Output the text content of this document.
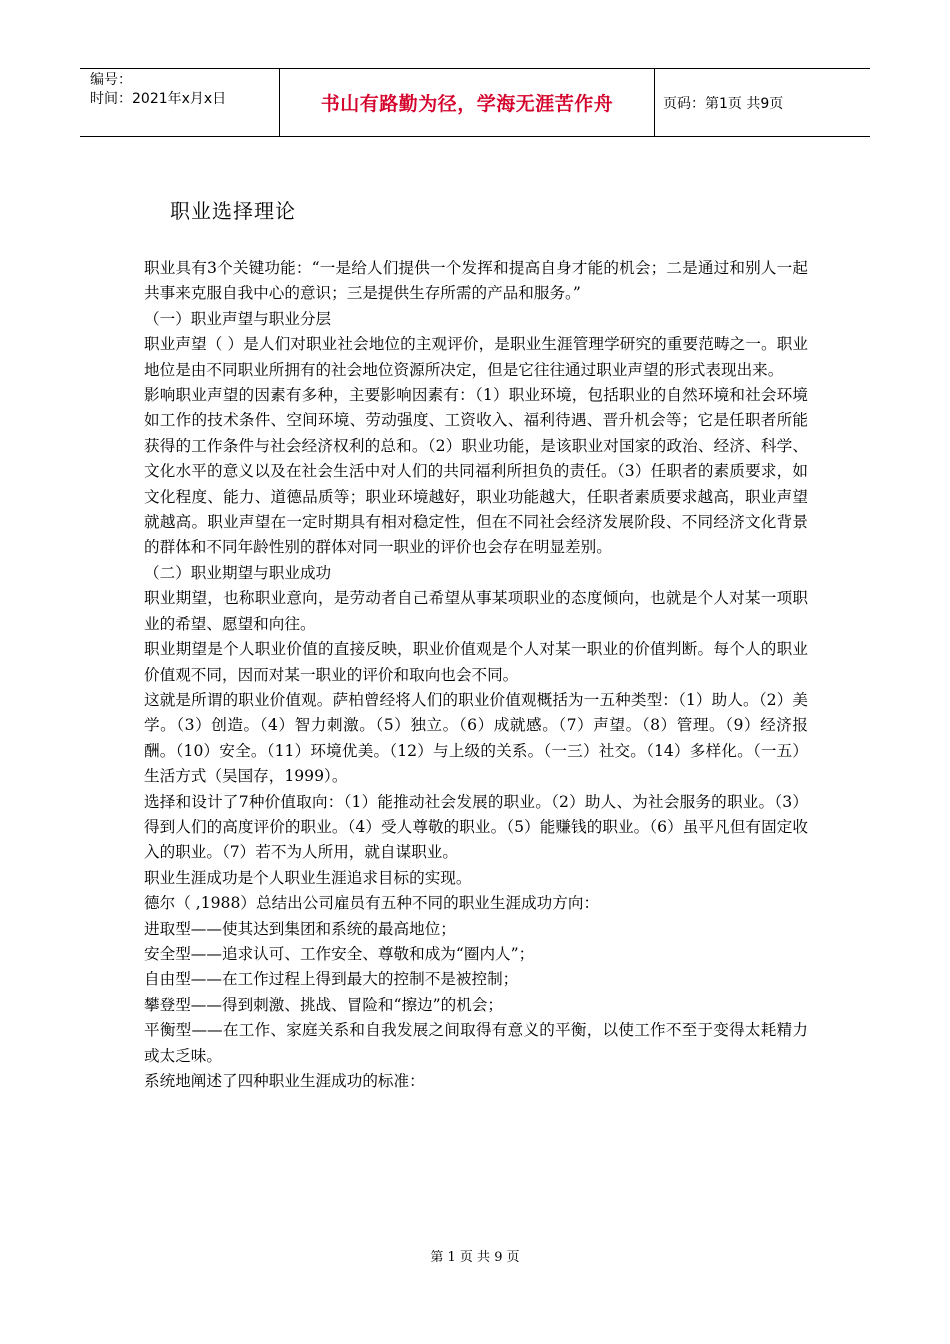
编号：
时间：2021年x月x日	书山有路勤为径，学海无涯苦作舟	页码：第1页 共9页
职业选择理论

职业具有3个关键功能：“一是给人们提供一个发挥和提高自身才能的机会；二是通过和别人一起共事来克服自我中心的意识；三是提供生存所需的产品和服务。”

（一）职业声望与职业分层

职业声望（ ）是人们对职业社会地位的主观评价，是职业生涯管理学研究的重要范畴之一。职业地位是由不同职业所拥有的社会地位资源所决定，但是它往往通过职业声望的形式表现出来。

影响职业声望的因素有多种，主要影响因素有：（1）职业环境，包括职业的自然环境和社会环境如工作的技术条件、空间环境、劳动强度、工资收入、福利待遇、晋升机会等；它是任职者所能获得的工作条件与社会经济权利的总和。（2）职业功能，是该职业对国家的政治、经济、科学、文化水平的意义以及在社会生活中对人们的共同福利所担负的责任。（3）任职者的素质要求，如文化程度、能力、道德品质等；职业环境越好，职业功能越大，任职者素质要求越高，职业声望就越高。职业声望在一定时期具有相对稳定性，但在不同社会经济发展阶段、不同经济文化背景的群体和不同年龄性别的群体对同一职业的评价也会存在明显差别。

（二）职业期望与职业成功

职业期望，也称职业意向，是劳动者自己希望从事某项职业的态度倾向，也就是个人对某一项职业的希望、愿望和向往。

职业期望是个人职业价值的直接反映，职业价值观是个人对某一职业的价值判断。每个人的职业价值观不同，因而对某一职业的评价和取向也会不同。

这就是所谓的职业价值观。萨柏曾经将人们的职业价值观概括为一五种类型：（1）助人。（2）美学。（3）创造。（4）智力刺激。（5）独立。（6）成就感。（7）声望。（8）管理。（9）经济报酬。（10）安全。（11）环境优美。（12）与上级的关系。（一三）社交。（14）多样化。（一五）生活方式（吴国存，1999）。

选择和设计了7种价值取向：（1）能推动社会发展的职业。（2）助人、为社会服务的职业。（3）得到人们的高度评价的职业。（4）受人尊敬的职业。（5）能赚钱的职业。（6）虽平凡但有固定收入的职业。（7）若不为人所用，就自谋职业。

职业生涯成功是个人职业生涯追求目标的实现。

德尔（ ,1988）总结出公司雇员有五种不同的职业生涯成功方向：

进取型——使其达到集团和系统的最高地位；

安全型——追求认可、工作安全、尊敬和成为“圈内人”；

自由型——在工作过程上得到最大的控制不是被控制；

攀登型——得到刺激、挑战、冒险和“擦边”的机会；

平衡型——在工作、家庭关系和自我发展之间取得有意义的平衡，以使工作不至于变得太耗精力或太乏味。

系统地阐述了四种职业生涯成功的标准：

第 1 页 共 9 页
